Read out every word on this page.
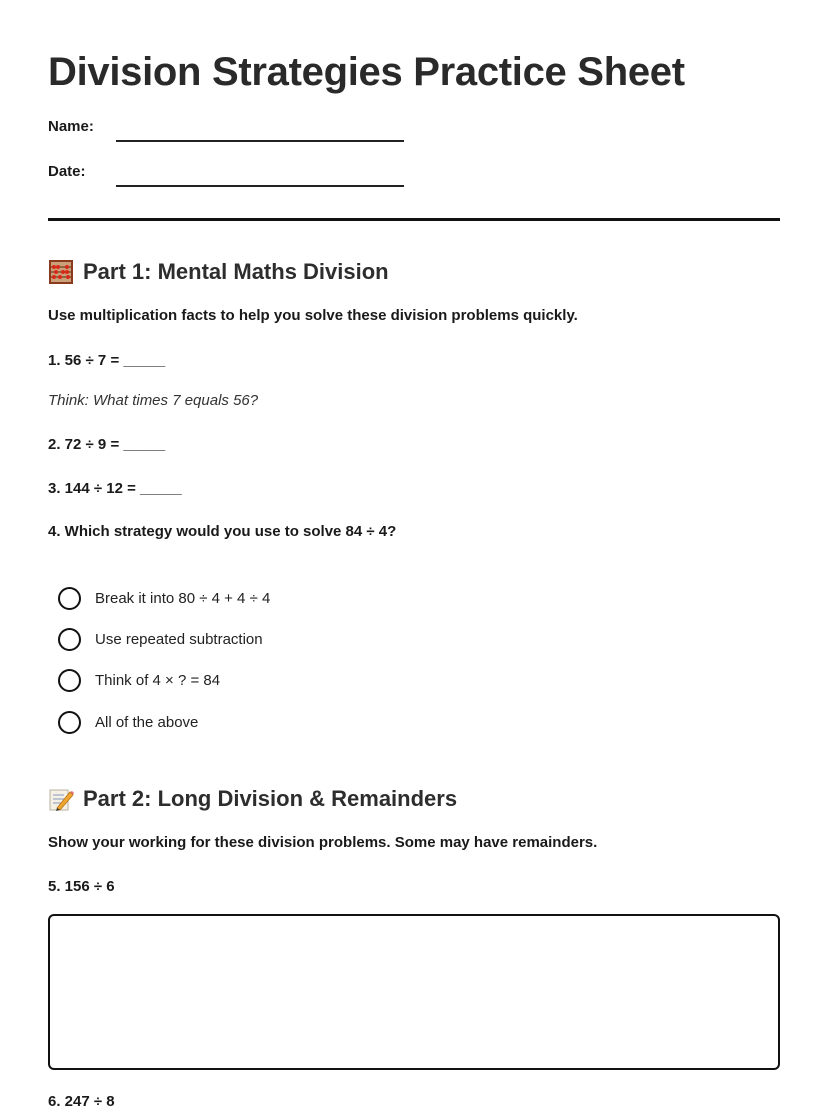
Division Strategies Practice Sheet
Name:
Date:
Part 1: Mental Maths Division

Use multiplication facts to help you solve these division problems quickly.

1. 56 ÷ 7 = _____

Think: What times 7 equals 56?

2. 72 ÷ 9 = _____

3. 144 ÷ 12 = _____

4. Which strategy would you use to solve 84 ÷ 4?

Break it into 80 ÷ 4 + 4 ÷ 4
Use repeated subtraction
Think of 4 × ? = 84
All of the above
Part 2: Long Division & Remainders

Show your working for these division problems. Some may have remainders.

5. 156 ÷ 6

6. 247 ÷ 8
